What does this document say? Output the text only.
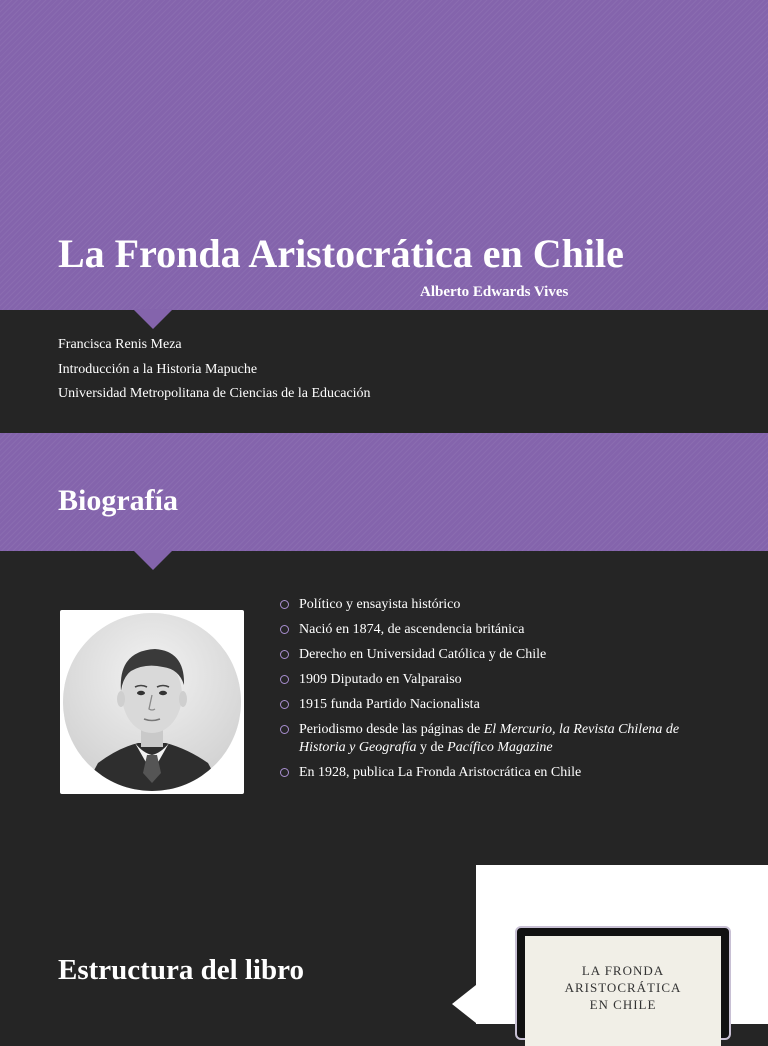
La Fronda Aristocrática en Chile
Alberto Edwards Vives
Francisca Renis Meza
Introducción a la Historia Mapuche
Universidad Metropolitana de Ciencias de la Educación
Biografía
Político y ensayista histórico
Nació en 1874, de ascendencia británica
Derecho en Universidad Católica y de Chile
1909 Diputado en Valparaiso
1915 funda Partido Nacionalista
Periodismo desde las páginas de El Mercurio, la Revista Chilena de Historia y Geografía y de Pacífico Magazine
En 1928, publica La Fronda Aristocrática en Chile
Estructura del libro	LA FRONDA
ARISTOCRÁTICA
EN CHILE
